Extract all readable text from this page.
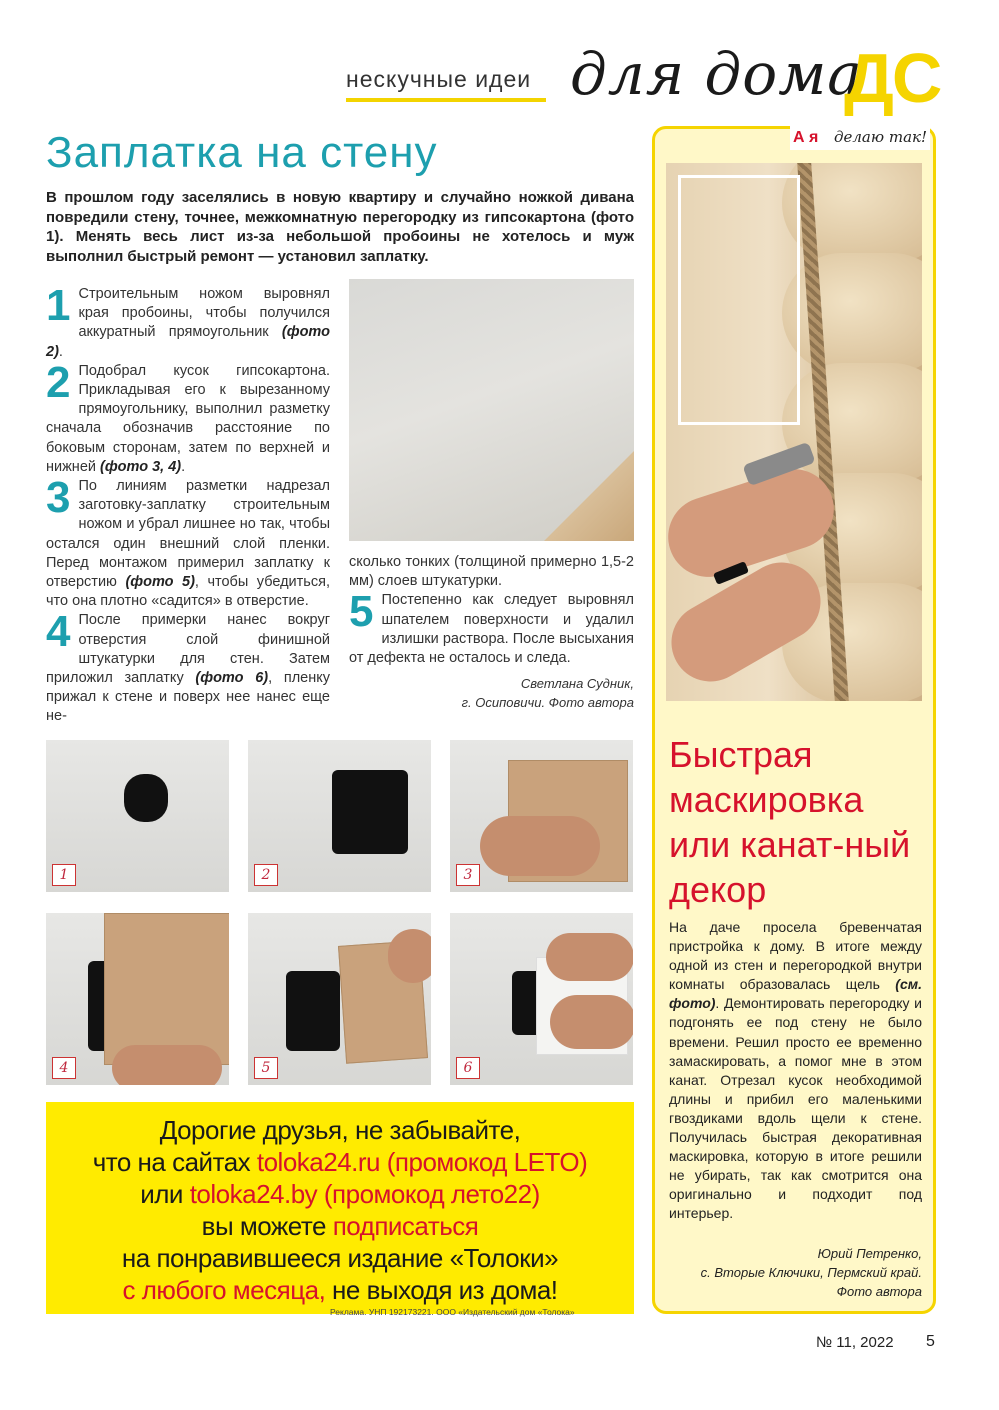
нескучные идеи для дома
ДС
Заплатка на стену
В прошлом году заселялись в новую квартиру и случайно ножкой дивана повредили стену, точнее, межкомнатную перегородку из гипсокартона (фото 1). Менять весь лист из-за небольшой пробоины не хотелось и муж выполнил быстрый ремонт — установил заплатку.
1 Строительным ножом выровнял края пробоины, чтобы получился аккуратный прямоугольник (фото 2).
2 Подобрал кусок гипсокартона. Прикладывая его к вырезанному прямоугольнику, выполнил разметку сначала обозначив расстояние по боковым сторонам, затем по верхней и нижней (фото 3, 4).
3 По линиям разметки надрезал заготовку-заплатку строительным ножом и убрал лишнее но так, чтобы остался один внешний слой пленки. Перед монтажом примерил заплатку к отверстию (фото 5), чтобы убедиться, что она плотно «садится» в отверстие.
4 После примерки нанес вокруг отверстия слой финишной штукатурки для стен. Затем приложил заплатку (фото 6), пленку прижал к стене и поверх нее нанес еще не-
сколько тонких (толщиной примерно 1,5-2 мм) слоев штукатурки.
5 Постепенно как следует выровнял шпателем поверхности и удалил излишки раствора. После высыхания от дефекта не осталось и следа.
Светлана Судник,
г. Осиповичи. Фото автора
1	2	3
4	5	6
Дорогие друзья, не забывайте,
что на сайтах toloka24.ru (промокод LETO)
или toloka24.by (промокод лето22)
вы можете подписаться
на понравившееся издание «Толоки»
с любого месяца, не выходя из дома!
Реклама. УНП 192173221. ООО «Издательский дом «Толока»
А я делаю так!
Быстрая маскировка или канат-ный декор
На даче просела бревенчатая пристройка к дому. В итоге между одной из стен и перегородкой внутри комнаты образовалась щель (см. фото). Демонтировать перегородку и подгонять ее под стену не было времени. Решил просто ее временно замаскировать, а помог мне в этом канат. Отрезал кусок необходимой длины и прибил его маленькими гвоздиками вдоль щели к стене. Получилась быстрая декоративная маскировка, которую в итоге решили не убирать, так как смотрится она оригинально и подходит под интерьер.
Юрий Петренко,
с. Вторые Ключики, Пермский край.
Фото автора
№ 11, 2022 5
